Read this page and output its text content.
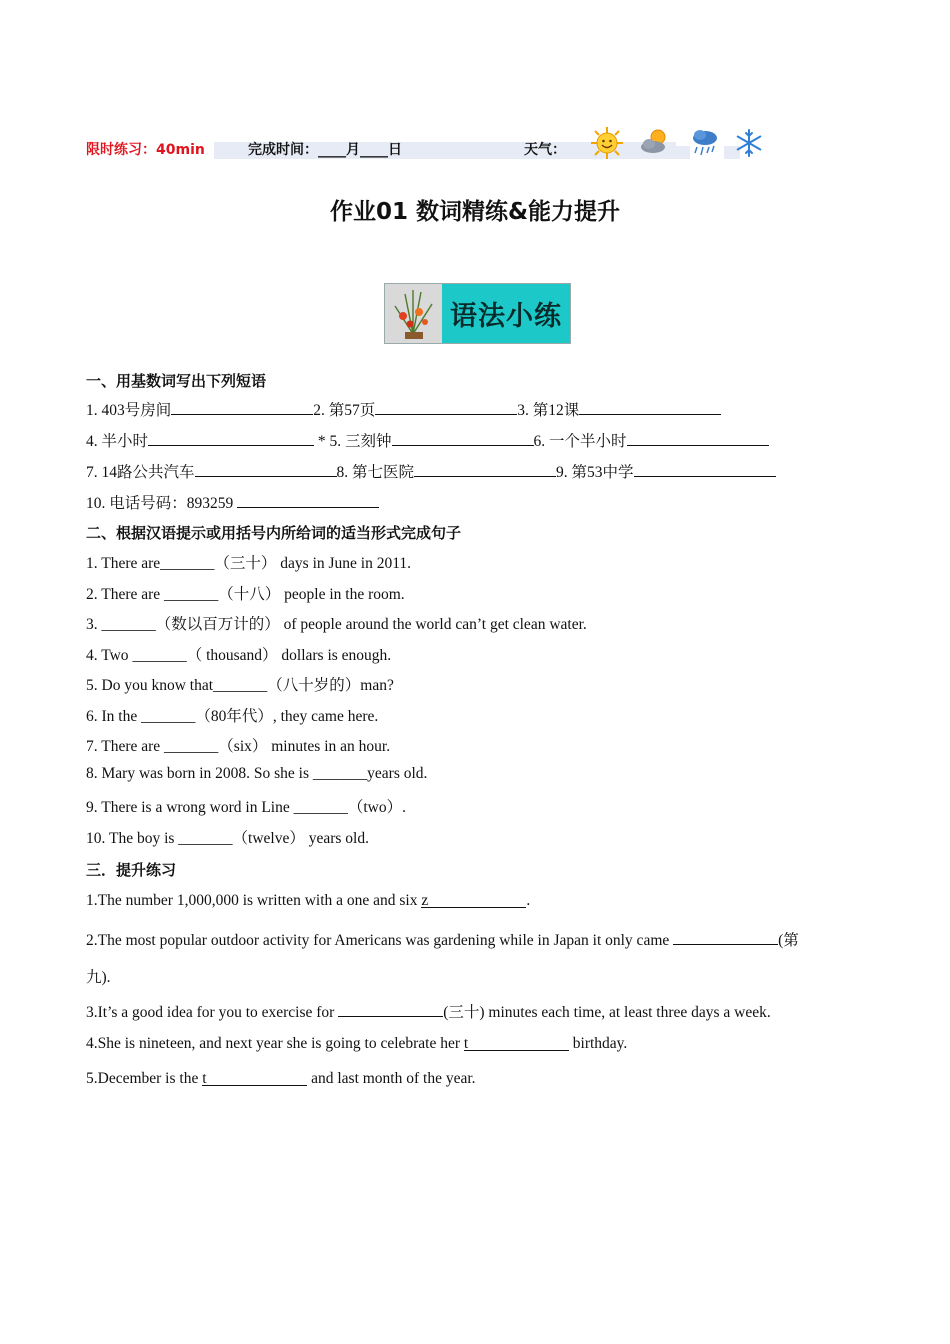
限时练习：40min	完成时间：____月____日	天气：
作业01 数词精练&能力提升
语法小练
一、用基数词写出下列短语
1. 403号房间	2. 第57页	3. 第12课
4. 半小时	* 5. 三刻钟	6. 一个半小时
7. 14路公共汽车	8. 第七医院	9. 第53中学
10. 电话号码：893259
二、根据汉语提示或用括号内所给词的适当形式完成句子
1. There are_______（三十） days in June in 2011.
2. There are _______（十八） people in the room.
3. _______（数以百万计的） of people around the world can’t get clean water.
4. Two _______（ thousand） dollars is enough.
5. Do you know that_______（八十岁的）man?
6. In the _______（80年代）, they came here.
7. There are _______（six） minutes in an hour.
8. Mary was born in 2008. So she is _______years old.
9. There is a wrong word in Line _______（two）.
10. The boy is _______（twelve） years old.
三．提升练习
1.The number 1,000,000 is written with a one and six z	.
2.The most popular outdoor activity for Americans was gardening while in Japan it only came	(第
九).
3.It’s a good idea for you to exercise for	(三十) minutes each time, at least three days a week.
4.She is nineteen, and next year she is going to celebrate her t	birthday.
5.December is the t	and last month of the year.
